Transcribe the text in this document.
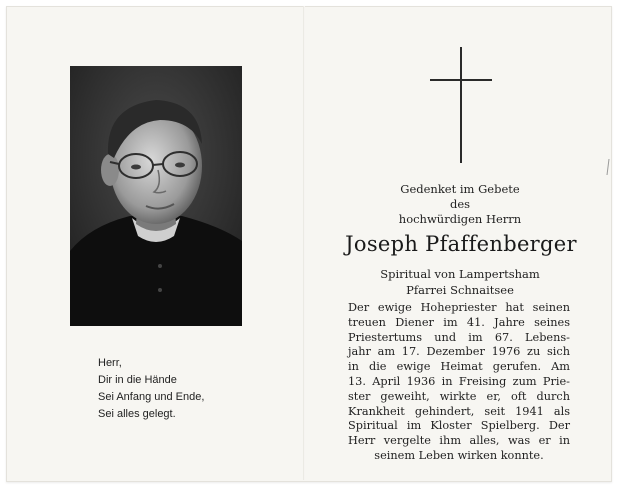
Herr,
Dir in die Hände
Sei Anfang und Ende,
Sei alles gelegt.
Gedenket im Gebete
des
hochwürdigen Herrn
Joseph Pfaffenberger
Spiritual von Lampertsham
Pfarrei Schnaitsee
Der ewige Hohepriester hat seinen
treuen Diener im 41. Jahre seines
Priestertums und im 67. Lebens-
jahr am 17. Dezember 1976 zu sich
in die ewige Heimat gerufen. Am
13. April 1936 in Freising zum Prie-
ster geweiht, wirkte er, oft durch
Krankheit gehindert, seit 1941 als
Spiritual im Kloster Spielberg. Der
Herr vergelte ihm alles, was er in
seinem Leben wirken konnte.
